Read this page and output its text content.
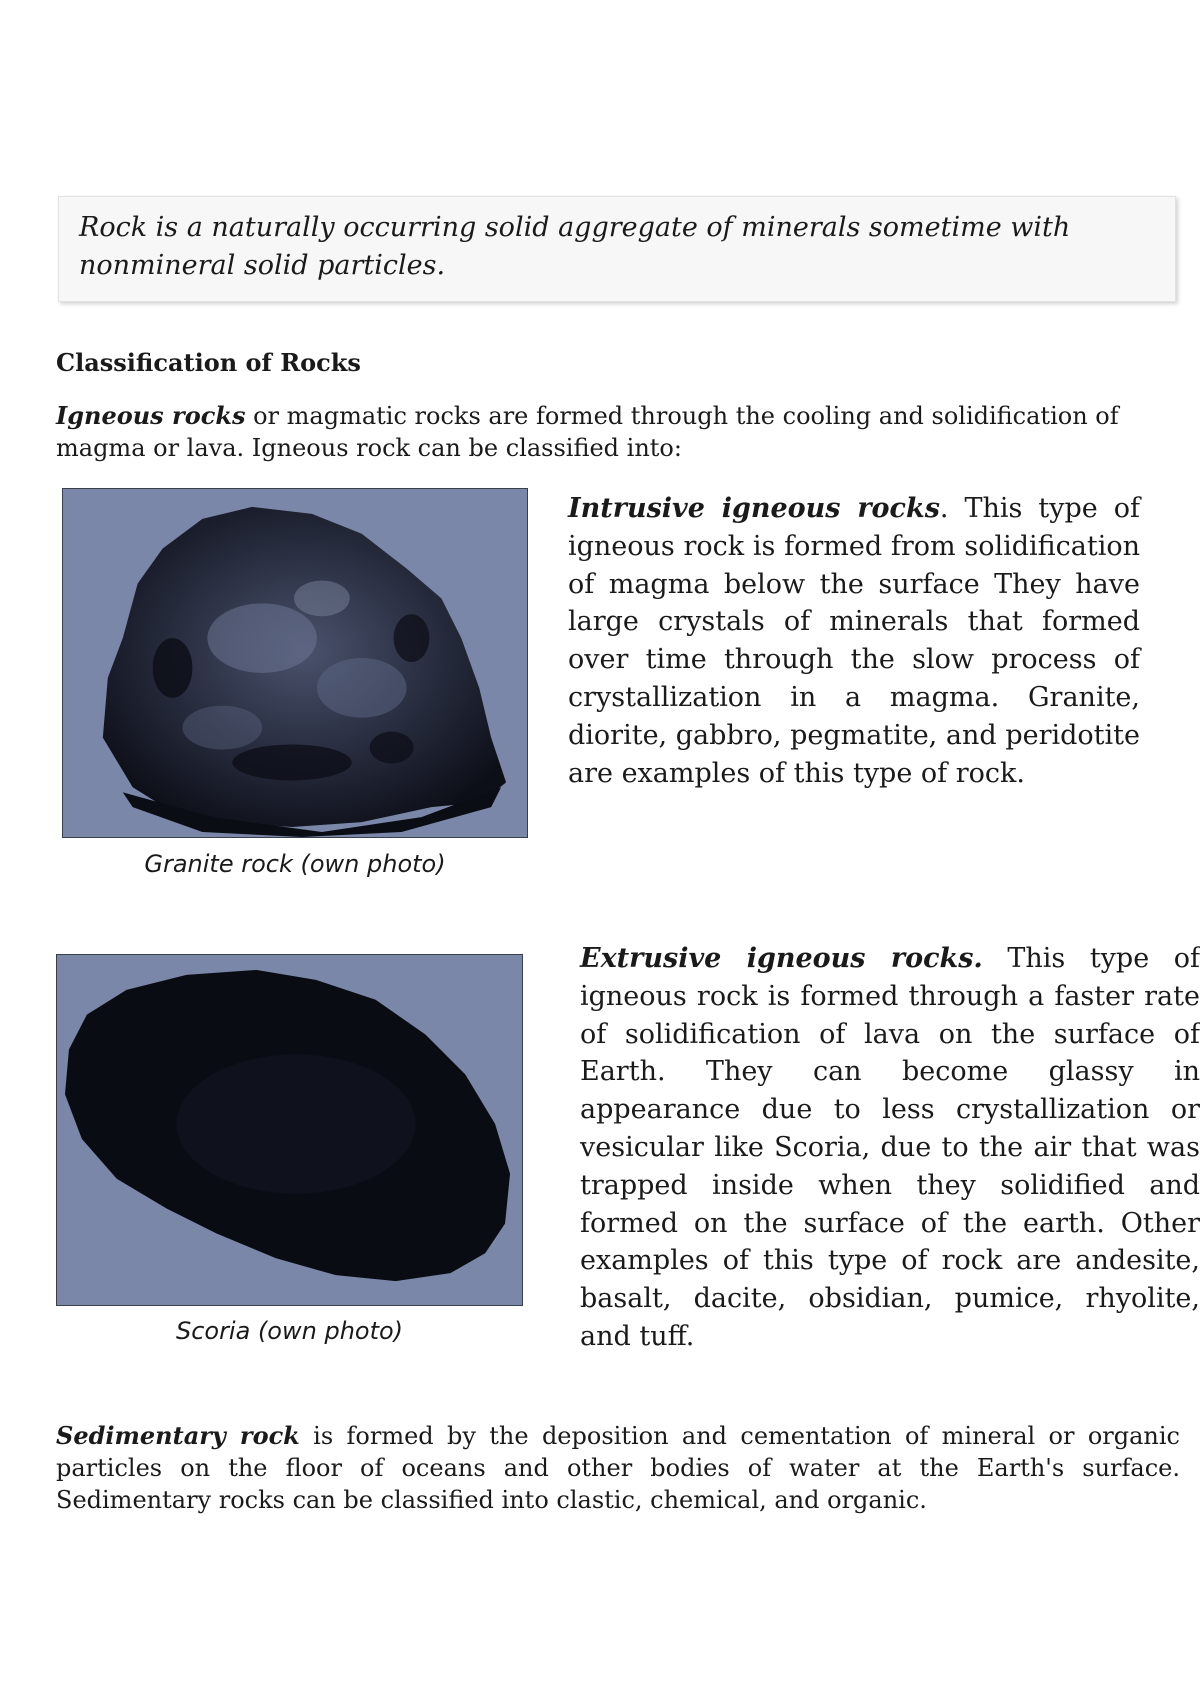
Rock is a naturally occurring solid aggregate of minerals sometime with nonmineral solid particles.

Classification of Rocks

Igneous rocks or magmatic rocks are formed through the cooling and solidification of magma or lava. Igneous rock can be classified into:

Granite rock (own photo)

Intrusive igneous rocks. This type of igneous rock is formed from solidification of magma below the surface They have large crystals of minerals that formed over time through the slow process of crystallization in a magma. Granite, diorite, gabbro, pegmatite, and peridotite are examples of this type of rock.

Scoria (own photo)

Extrusive igneous rocks. This type of igneous rock is formed through a faster rate of solidification of lava on the surface of Earth. They can become glassy in appearance due to less crystallization or vesicular like Scoria, due to the air that was trapped inside when they solidified and formed on the surface of the earth. Other examples of this type of rock are andesite, basalt, dacite, obsidian, pumice, rhyolite, and tuff.

Sedimentary rock is formed by the deposition and cementation of mineral or organic particles on the floor of oceans and other bodies of water at the Earth's surface. Sedimentary rocks can be classified into clastic, chemical, and organic.
